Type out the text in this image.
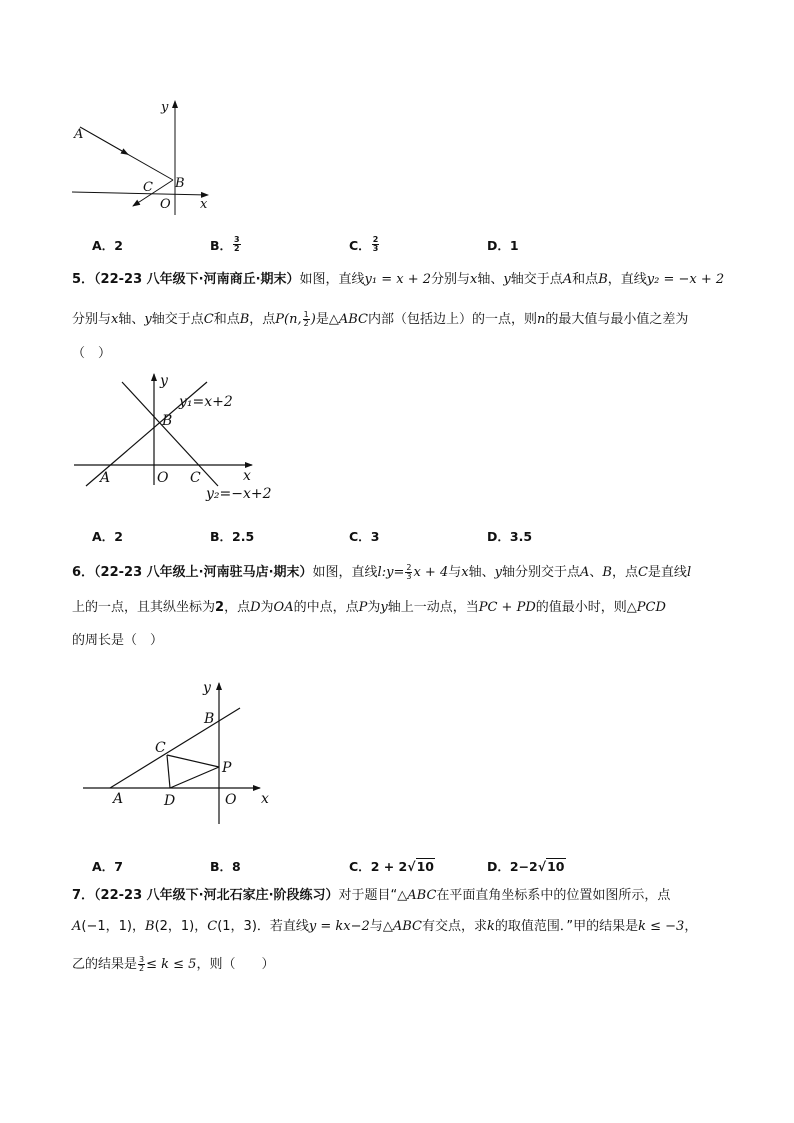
A
B
C
O x
y
A．2	B． $\frac{3}{2}$	C． $\frac{2}{3}$	D．1
5．（22-23 八年级下·河南商丘·期末）如图，直线y₁ = x + 2分别与x轴、y轴交于点A和点B，直线y₂ = −x + 2
分别与x轴、y轴交于点C和点B，点P(n, $\frac{1}{2}$ )是△ABC内部（包括边上）的一点，则n的最大值与最小值之差为
（　）
y
y₁=x+2
B
A	O C	x
y₂=−x+2
A．2	B．2.5	C．3	D．3.5
6．（22-23 八年级上·河南驻马店·期末）如图，直线l:y= $\frac{2}{3}$ x + 4与x轴、y轴分别交于点A、B，点C是直线l
上的一点，且其纵坐标为2，点D为OA的中点，点P为y轴上一动点，当PC + PD的值最小时，则△PCD
的周长是（　）
y
B
C
P
A	D	O x
A．7	B．8	C．2 + 2√10	D．2−2√10
7．（22-23 八年级下·河北石家庄·阶段练习）对于题目“△ABC在平面直角坐标系中的位置如图所示，点
A(−1，1)，B(2，1)，C(1，3)．若直线y = kx−2与△ABC有交点，求k的取值范围．”甲的结果是k ≤ −3，
乙的结果是 $\frac{3}{2} \le k \le 5$，则（　　）
